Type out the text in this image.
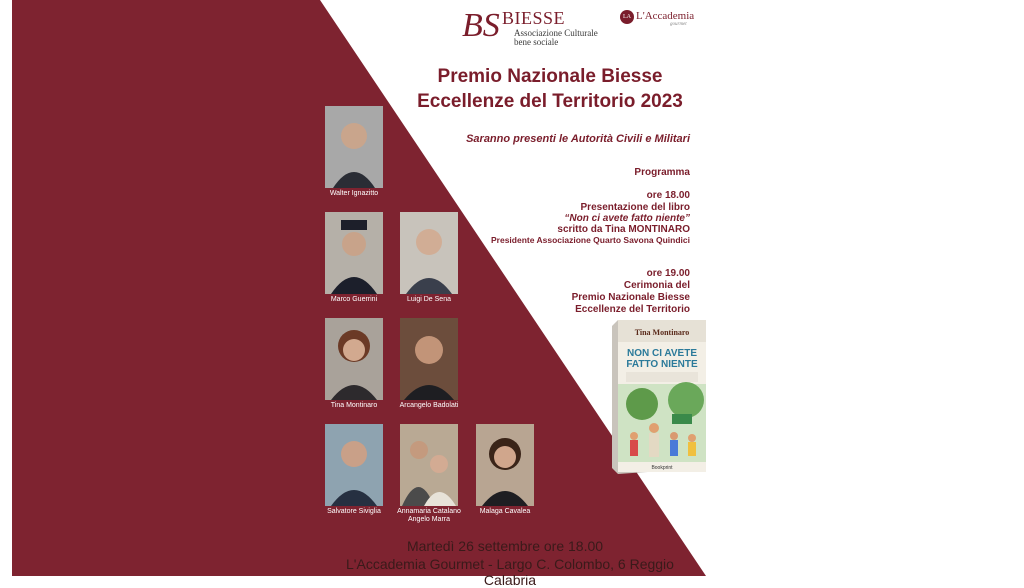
BS BIESSE
Associazione Culturale
bene sociale
LA L'Accademia
gourmet
Premio Nazionale Biesse
Eccellenze del Territorio 2023
Saranno presenti le Autorità Civili e Militari
Programma
ore 18.00
Presentazione del libro
“Non ci avete fatto niente”
scritto da Tina MONTINARO
Presidente Associazione Quarto Savona Quindici
ore 19.00
Cerimonia del
Premio Nazionale Biesse
Eccellenze del Territorio
Walter Ignazitto
Marco Guerrini	Luigi De Sena
Tina Montinaro	Arcangelo Badolati
Salvatore Siviglia	Annamaria Catalano
Angelo Marra
Malaga Cavalea
Tina Montinaro
NON CI AVETE
FATTO NIENTE
Bookprint
Martedì 26 settembre ore 18.00
L'Accademia Gourmet - Largo C. Colombo, 6 Reggio Calabria
